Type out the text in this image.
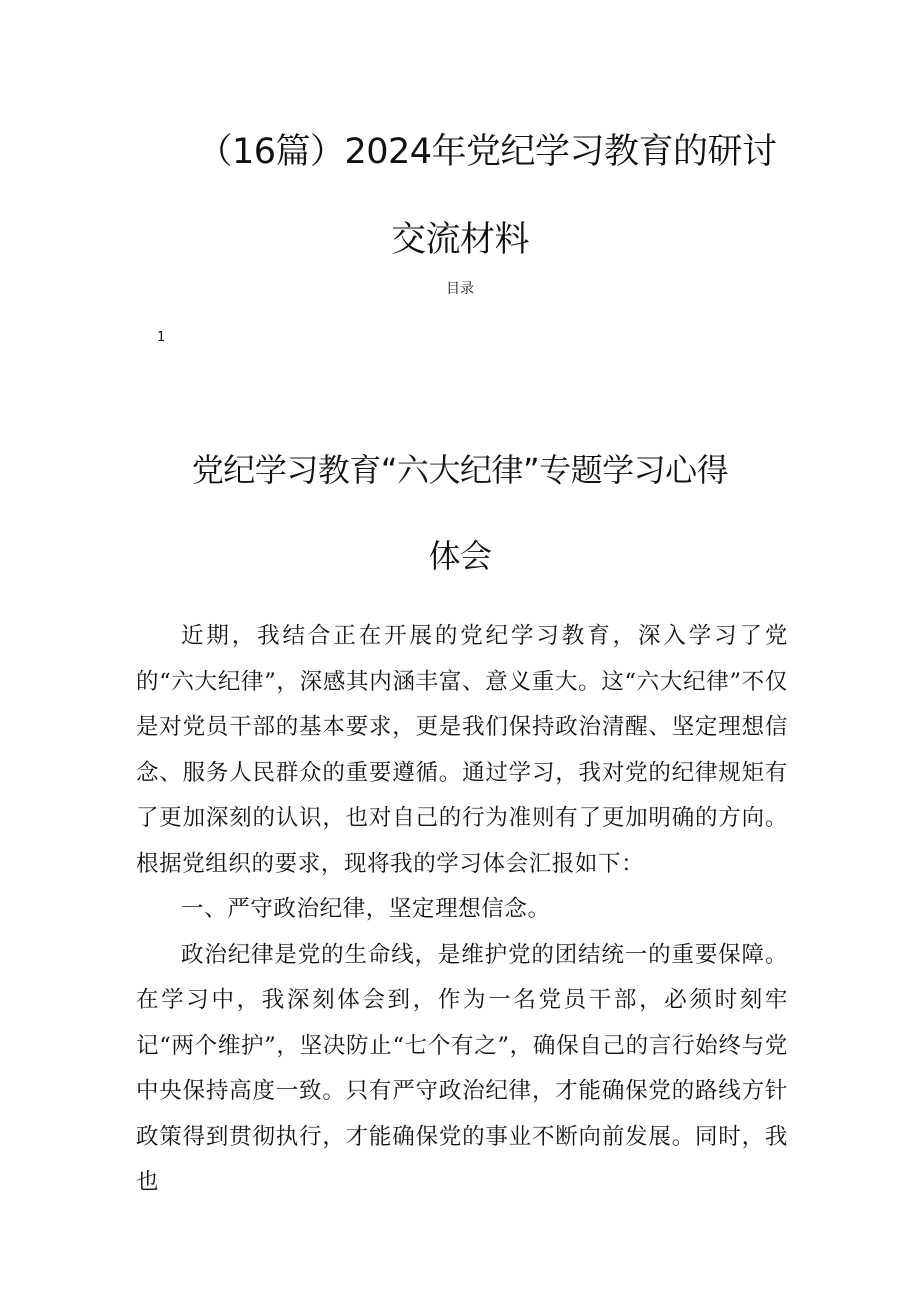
（16篇）2024年党纪学习教育的研讨
交流材料
目录
1
党纪学习教育“六大纪律”专题学习心得
体会

近期，我结合正在开展的党纪学习教育，深入学习了党的“六大纪律”，深感其内涵丰富、意义重大。这“六大纪律”不仅是对党员干部的基本要求，更是我们保持政治清醒、坚定理想信念、服务人民群众的重要遵循。通过学习，我对党的纪律规矩有了更加深刻的认识，也对自己的行为准则有了更加明确的方向。根据党组织的要求，现将我的学习体会汇报如下：

一、严守政治纪律，坚定理想信念。

政治纪律是党的生命线，是维护党的团结统一的重要保障。在学习中，我深刻体会到，作为一名党员干部，必须时刻牢记“两个维护”，坚决防止“七个有之”，确保自己的言行始终与党中央保持高度一致。只有严守政治纪律，才能确保党的路线方针政策得到贯彻执行，才能确保党的事业不断向前发展。同时，我也
